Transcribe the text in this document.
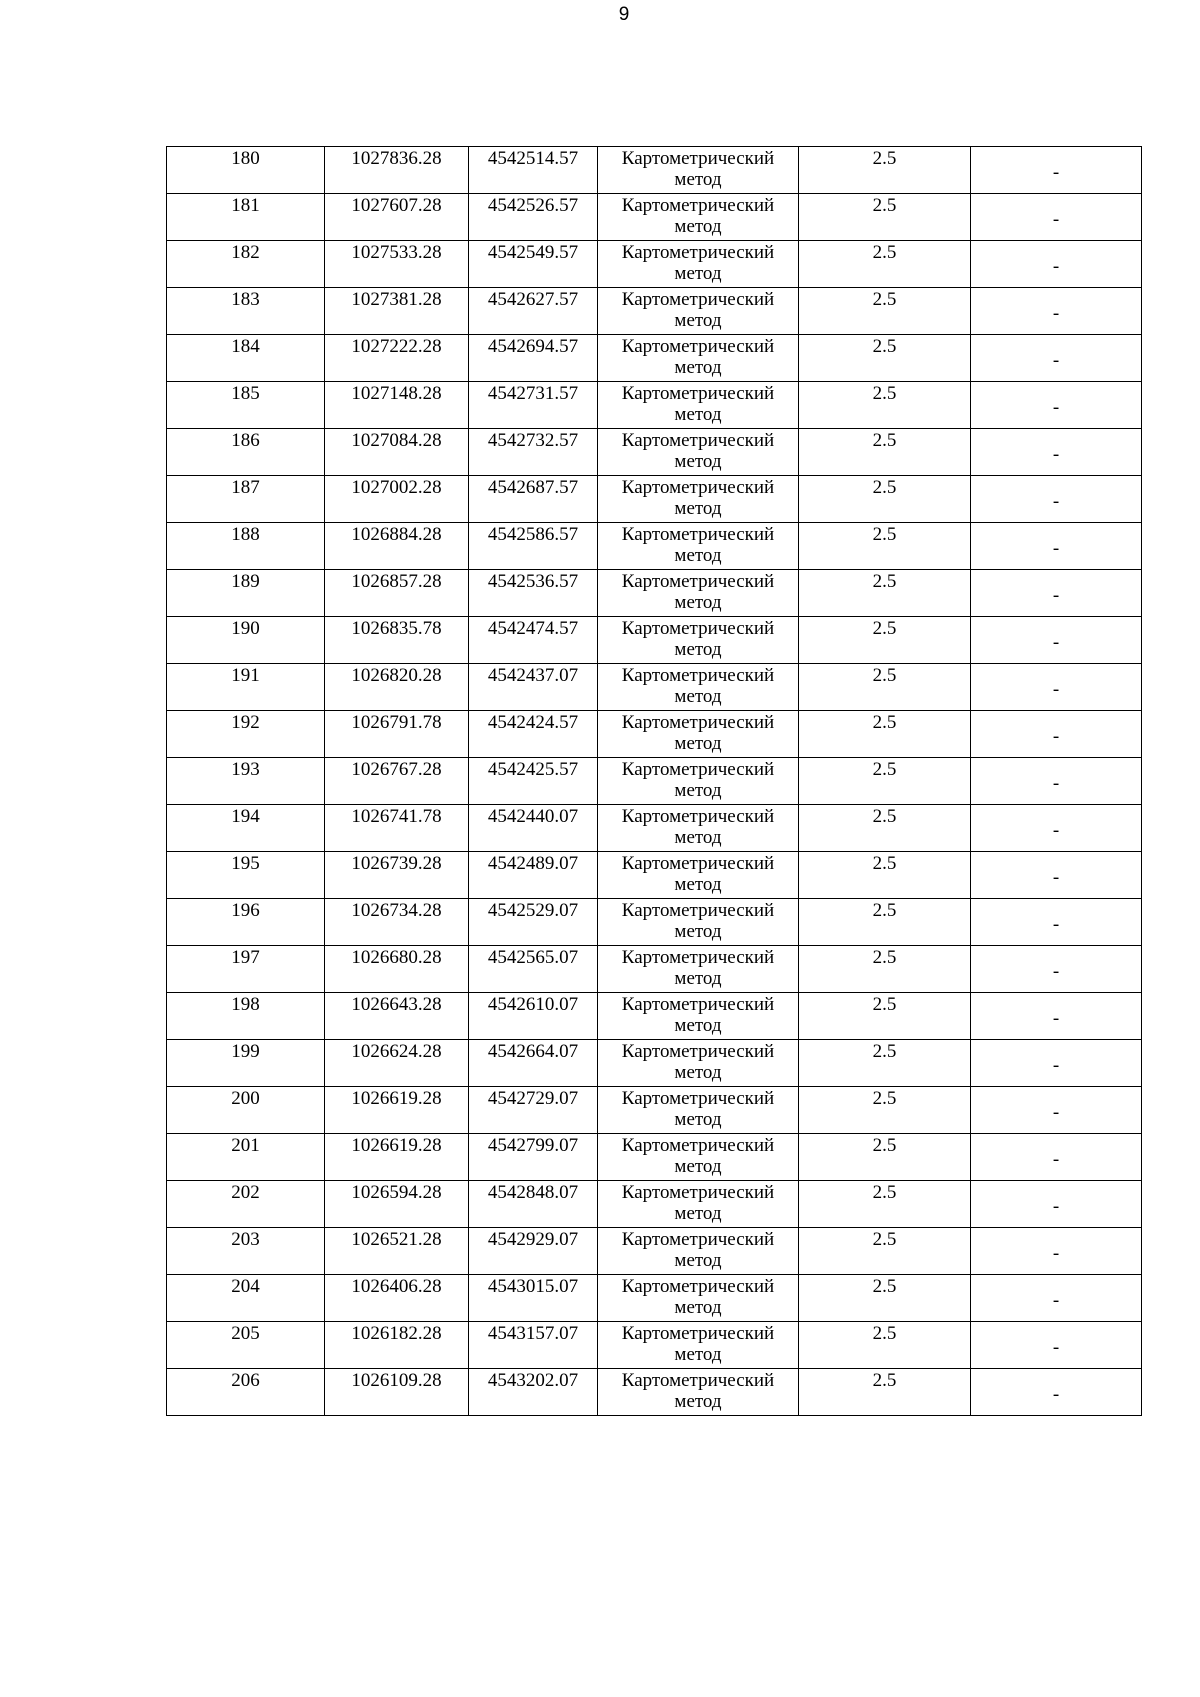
9
180	1027836.28	4542514.57	Картометрический
метод	2.5	-
181	1027607.28	4542526.57	Картометрический
метод	2.5	-
182	1027533.28	4542549.57	Картометрический
метод	2.5	-
183	1027381.28	4542627.57	Картометрический
метод	2.5	-
184	1027222.28	4542694.57	Картометрический
метод	2.5	-
185	1027148.28	4542731.57	Картометрический
метод	2.5	-
186	1027084.28	4542732.57	Картометрический
метод	2.5	-
187	1027002.28	4542687.57	Картометрический
метод	2.5	-
188	1026884.28	4542586.57	Картометрический
метод	2.5	-
189	1026857.28	4542536.57	Картометрический
метод	2.5	-
190	1026835.78	4542474.57	Картометрический
метод	2.5	-
191	1026820.28	4542437.07	Картометрический
метод	2.5	-
192	1026791.78	4542424.57	Картометрический
метод	2.5	-
193	1026767.28	4542425.57	Картометрический
метод	2.5	-
194	1026741.78	4542440.07	Картометрический
метод	2.5	-
195	1026739.28	4542489.07	Картометрический
метод	2.5	-
196	1026734.28	4542529.07	Картометрический
метод	2.5	-
197	1026680.28	4542565.07	Картометрический
метод	2.5	-
198	1026643.28	4542610.07	Картометрический
метод	2.5	-
199	1026624.28	4542664.07	Картометрический
метод	2.5	-
200	1026619.28	4542729.07	Картометрический
метод	2.5	-
201	1026619.28	4542799.07	Картометрический
метод	2.5	-
202	1026594.28	4542848.07	Картометрический
метод	2.5	-
203	1026521.28	4542929.07	Картометрический
метод	2.5	-
204	1026406.28	4543015.07	Картометрический
метод	2.5	-
205	1026182.28	4543157.07	Картометрический
метод	2.5	-
206	1026109.28	4543202.07	Картометрический
метод	2.5	-
